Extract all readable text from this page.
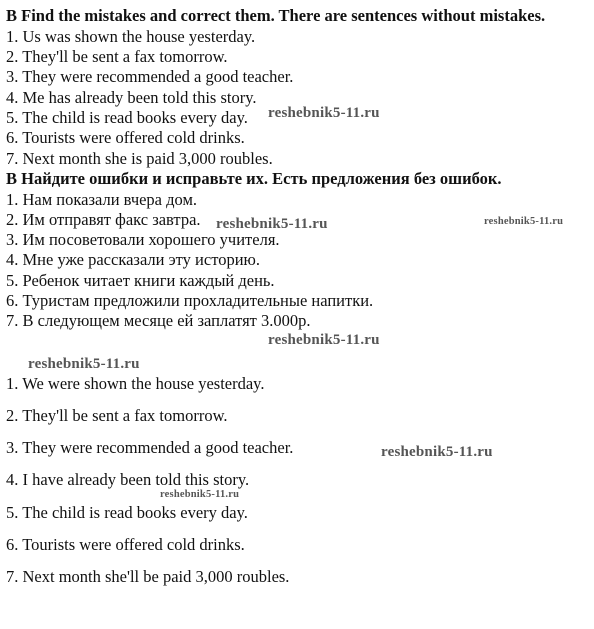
B Find the mistakes and correct them. There are sentences without mistakes.
1. Us was shown the house yesterday.
2. They'll be sent a fax tomorrow.
3. They were recommended a good teacher.
4. Me has already been told this story.
5. The child is read books every day.
6. Tourists were offered cold drinks.
7. Next month she is paid 3,000 roubles.
B Найдите ошибки и исправьте их. Есть предложения без ошибок.
1. Нам показали вчера дом.
2. Им отправят факс завтра.
3. Им посоветовали хорошего учителя.
4. Мне уже рассказали эту историю.
5. Ребенок читает книги каждый день.
6. Туристам предложили прохладительные напитки.
7. В следующем месяце ей заплатят 3.000р.
1. We were shown the house yesterday.
2. They'll be sent a fax tomorrow.
3. They were recommended a good teacher.
4. I have already been told this story.
5. The child is read books every day.
6. Tourists were offered cold drinks.
7. Next month she'll be paid 3,000 roubles.
reshebnik5-11.ru
reshebnik5-11.ru	reshebnik5-11.ru
reshebnik5-11.ru
reshebnik5-11.ru
reshebnik5-11.ru
reshebnik5-11.ru
